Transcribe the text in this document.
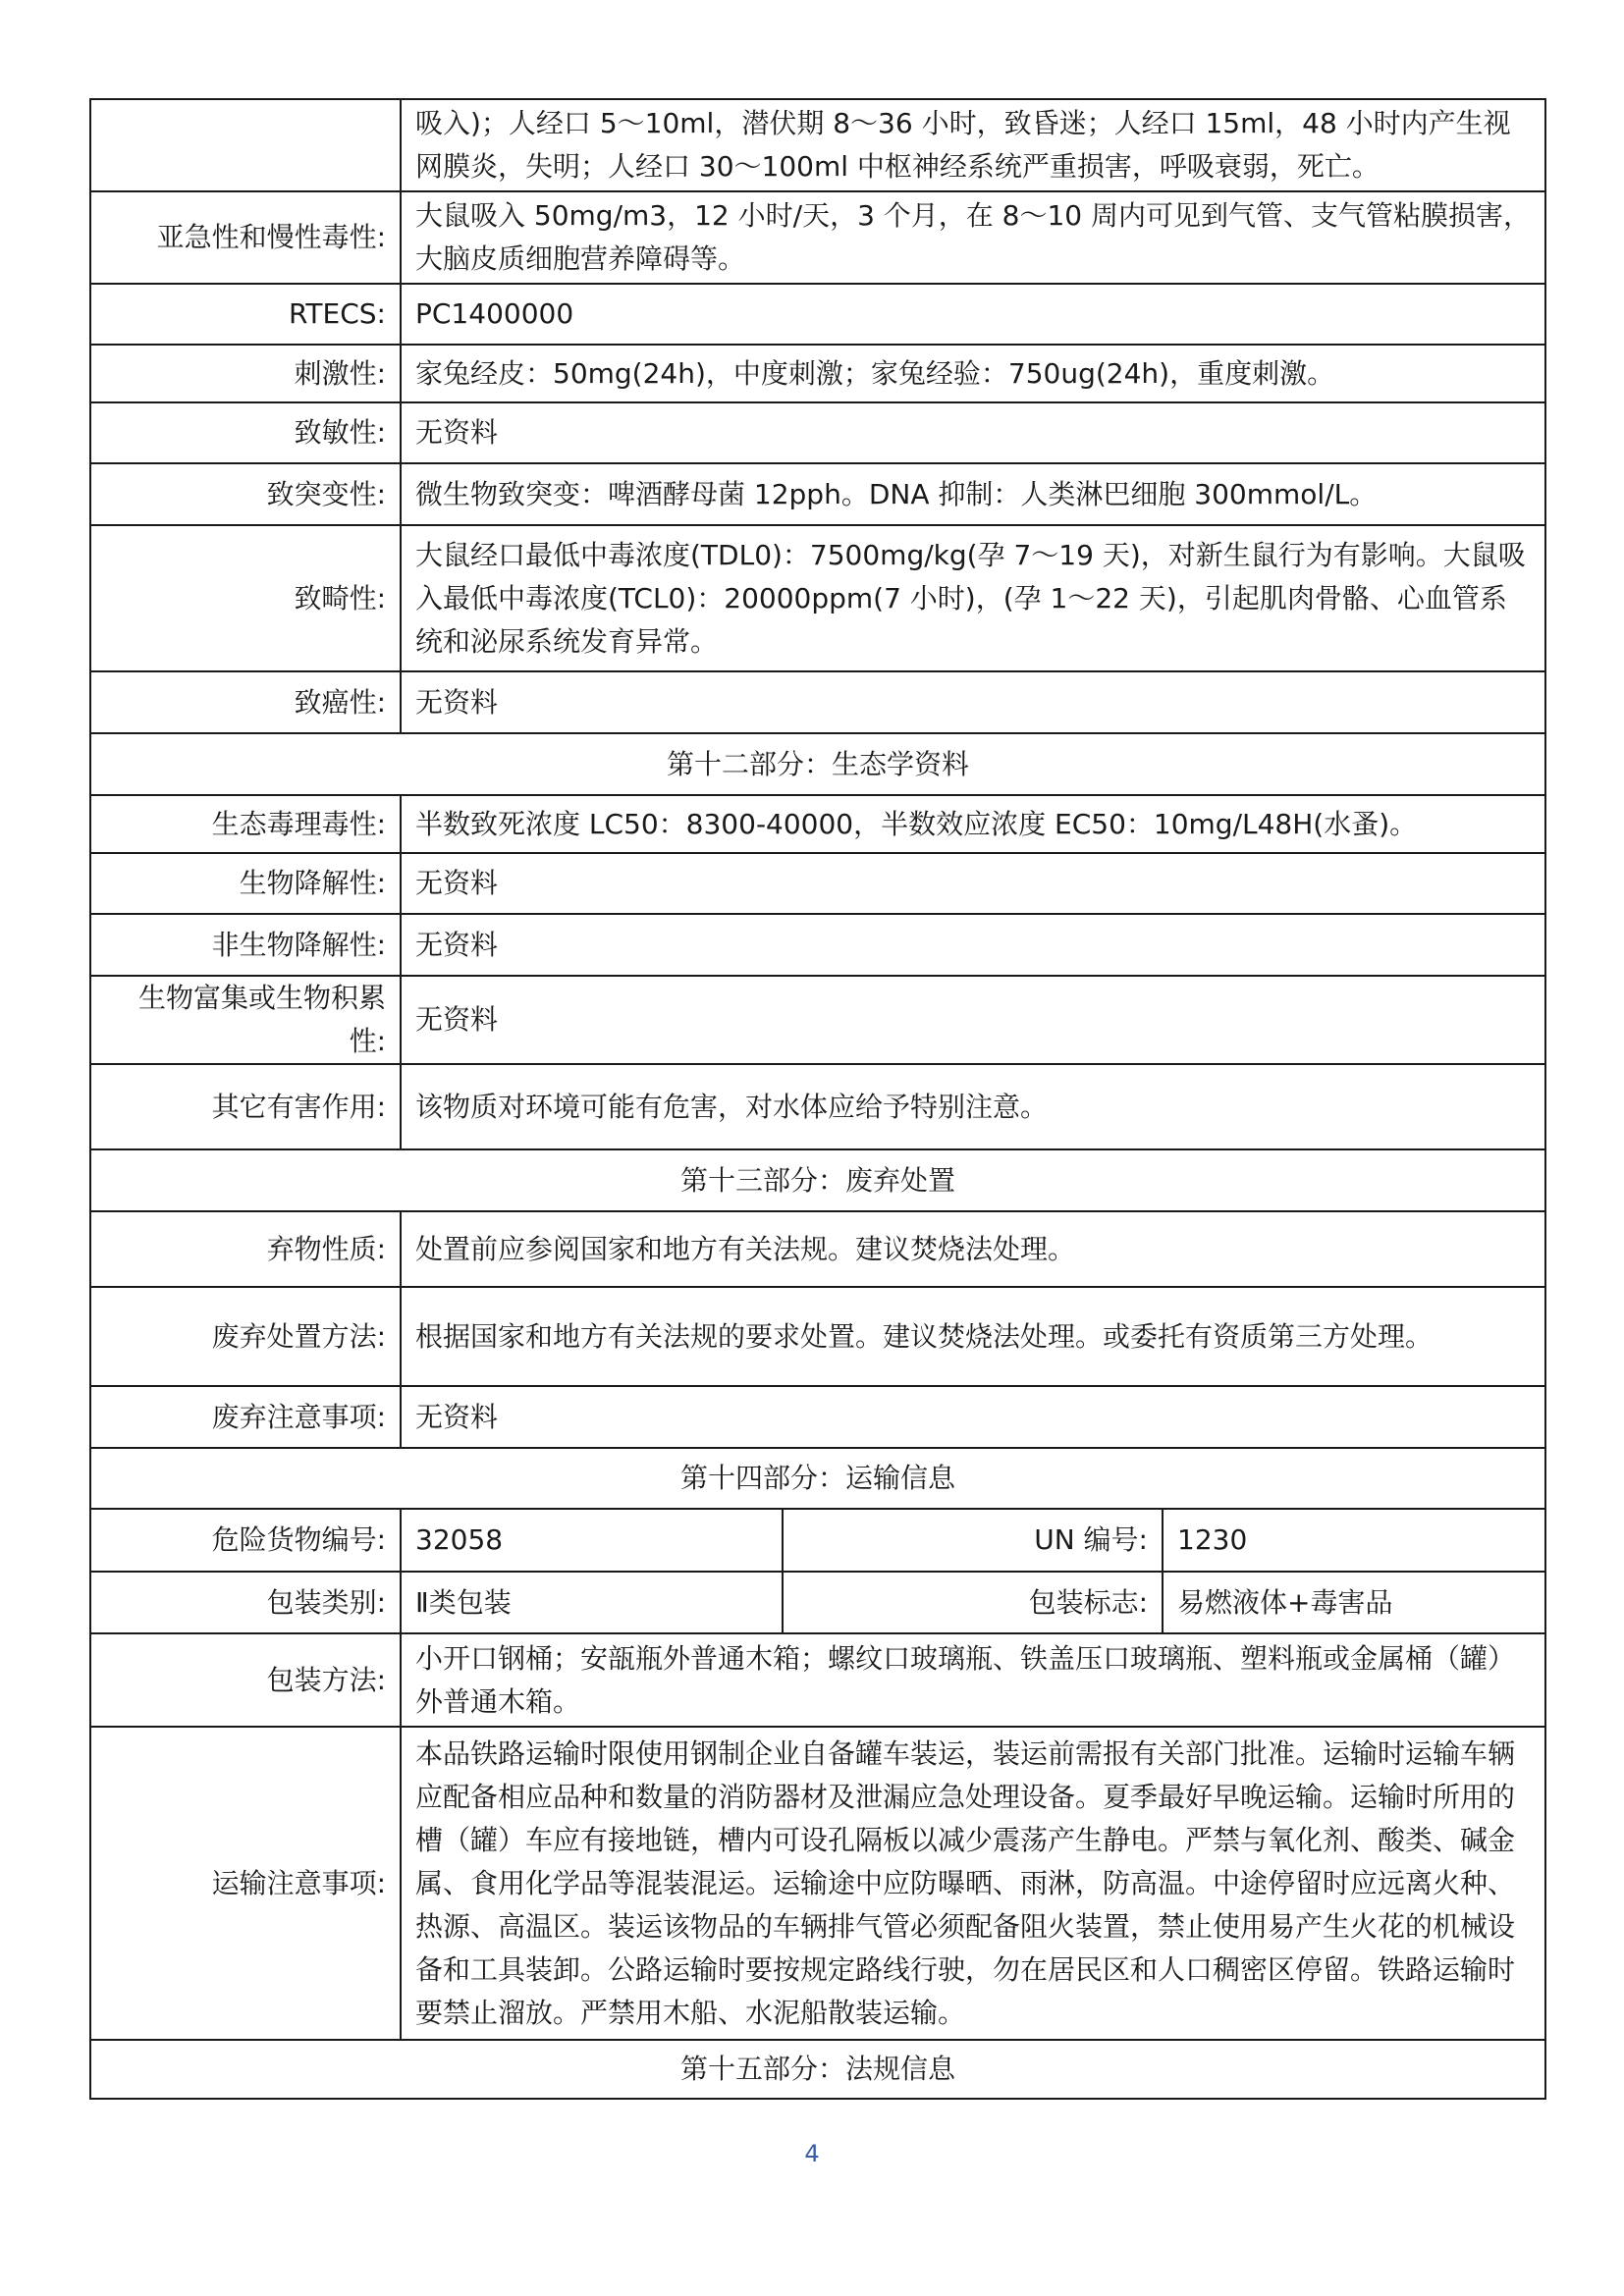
	吸入)；人经口 5～10ml，潜伏期 8～36 小时，致昏迷；人经口 15ml，48 小时内产生视网膜炎，失明；人经口 30～100ml 中枢神经系统严重损害，呼吸衰弱，死亡。		
亚急性和慢性毒性:	大鼠吸入 50mg/m3，12 小时/天，3 个月，在 8～10 周内可见到气管、支气管粘膜损害，大脑皮质细胞营养障碍等。		
RTECS:	PC1400000		
刺激性:	家兔经皮：50mg(24h)，中度刺激；家兔经验：750ug(24h)，重度刺激。		
致敏性:	无资料		
致突变性:	微生物致突变：啤酒酵母菌 12pph。DNA 抑制：人类淋巴细胞 300mmol/L。		
致畸性:	大鼠经口最低中毒浓度(TDL0)：7500mg/kg(孕 7～19 天)，对新生鼠行为有影响。大鼠吸入最低中毒浓度(TCL0)：20000ppm(7 小时)，(孕 1～22 天)，引起肌肉骨骼、心血管系统和泌尿系统发育异常。		
致癌性:	无资料		
第十二部分：生态学资料			
生态毒理毒性:	半数致死浓度 LC50：8300-40000，半数效应浓度 EC50：10mg/L48H(水蚤)。		
生物降解性:	无资料		
非生物降解性:	无资料		
生物富集或生物积累性:	无资料		
其它有害作用:	该物质对环境可能有危害，对水体应给予特别注意。		
第十三部分：废弃处置			
弃物性质:	处置前应参阅国家和地方有关法规。建议焚烧法处理。		
废弃处置方法:	根据国家和地方有关法规的要求处置。建议焚烧法处理。或委托有资质第三方处理。		
废弃注意事项:	无资料		
第十四部分：运输信息			
危险货物编号:	32058	UN 编号:	1230
包装类别:	Ⅱ类包装	包装标志:	易燃液体+毒害品
包装方法:	小开口钢桶；安瓿瓶外普通木箱；螺纹口玻璃瓶、铁盖压口玻璃瓶、塑料瓶或金属桶（罐）外普通木箱。		
运输注意事项:	本品铁路运输时限使用钢制企业自备罐车装运，装运前需报有关部门批准。运输时运输车辆应配备相应品种和数量的消防器材及泄漏应急处理设备。夏季最好早晚运输。运输时所用的槽（罐）车应有接地链，槽内可设孔隔板以减少震荡产生静电。严禁与氧化剂、酸类、碱金属、食用化学品等混装混运。运输途中应防曝晒、雨淋，防高温。中途停留时应远离火种、热源、高温区。装运该物品的车辆排气管必须配备阻火装置，禁止使用易产生火花的机械设备和工具装卸。公路运输时要按规定路线行驶，勿在居民区和人口稠密区停留。铁路运输时要禁止溜放。严禁用木船、水泥船散装运输。		
第十五部分：法规信息			
4
